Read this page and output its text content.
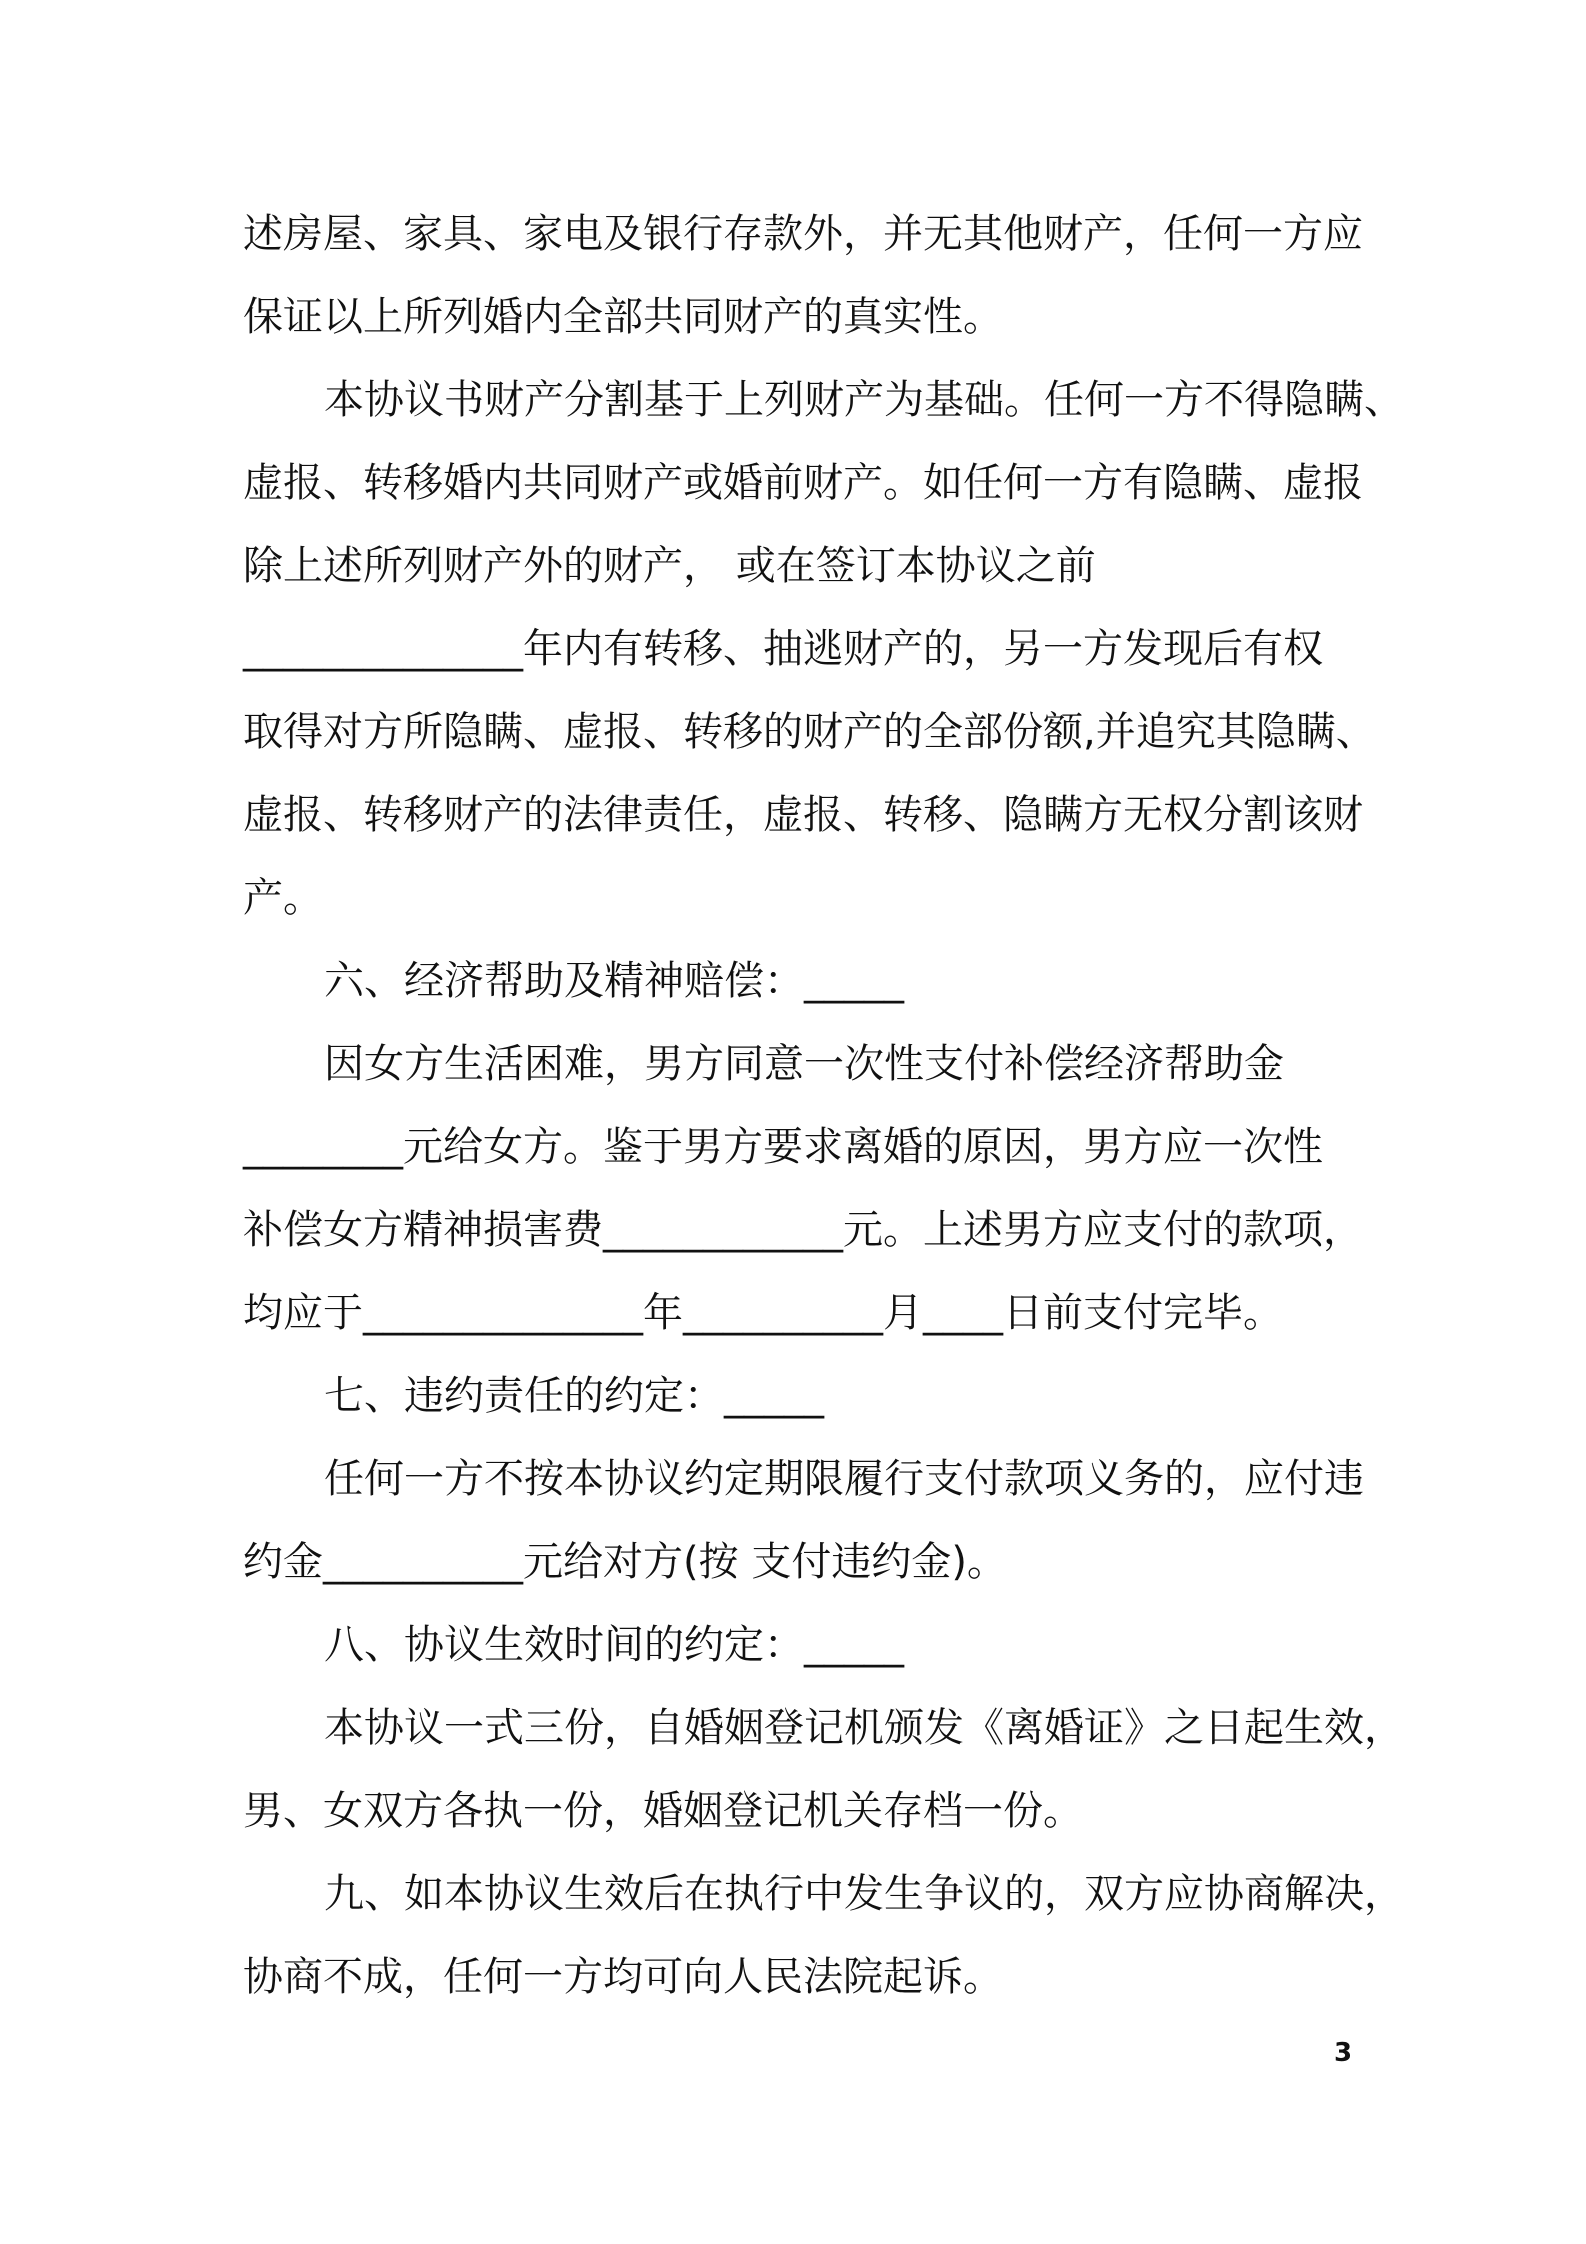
述房屋、家具、家电及银行存款外，并无其他财产，任何一方应
保证以上所列婚内全部共同财产的真实性。
本协议书财产分割基于上列财产为基础。任何一方不得隐瞒、
虚报、转移婚内共同财产或婚前财产。如任何一方有隐瞒、虚报
除上述所列财产外的财产， 或在签订本协议之前
______________年内有转移、抽逃财产的，另一方发现后有权
取得对方所隐瞒、虚报、转移的财产的全部份额,并追究其隐瞒、
虚报、转移财产的法律责任，虚报、转移、隐瞒方无权分割该财
产。
六、经济帮助及精神赔偿：_____
因女方生活困难，男方同意一次性支付补偿经济帮助金
________元给女方。鉴于男方要求离婚的原因，男方应一次性
补偿女方精神损害费____________元。上述男方应支付的款项，
均应于______________年__________月____日前支付完毕。
七、违约责任的约定：_____
任何一方不按本协议约定期限履行支付款项义务的，应付违
约金__________元给对方(按 支付违约金)。
八、协议生效时间的约定：_____
本协议一式三份，自婚姻登记机颁发《离婚证》之日起生效，
男、女双方各执一份，婚姻登记机关存档一份。
九、如本协议生效后在执行中发生争议的，双方应协商解决，
协商不成，任何一方均可向人民法院起诉。
3
